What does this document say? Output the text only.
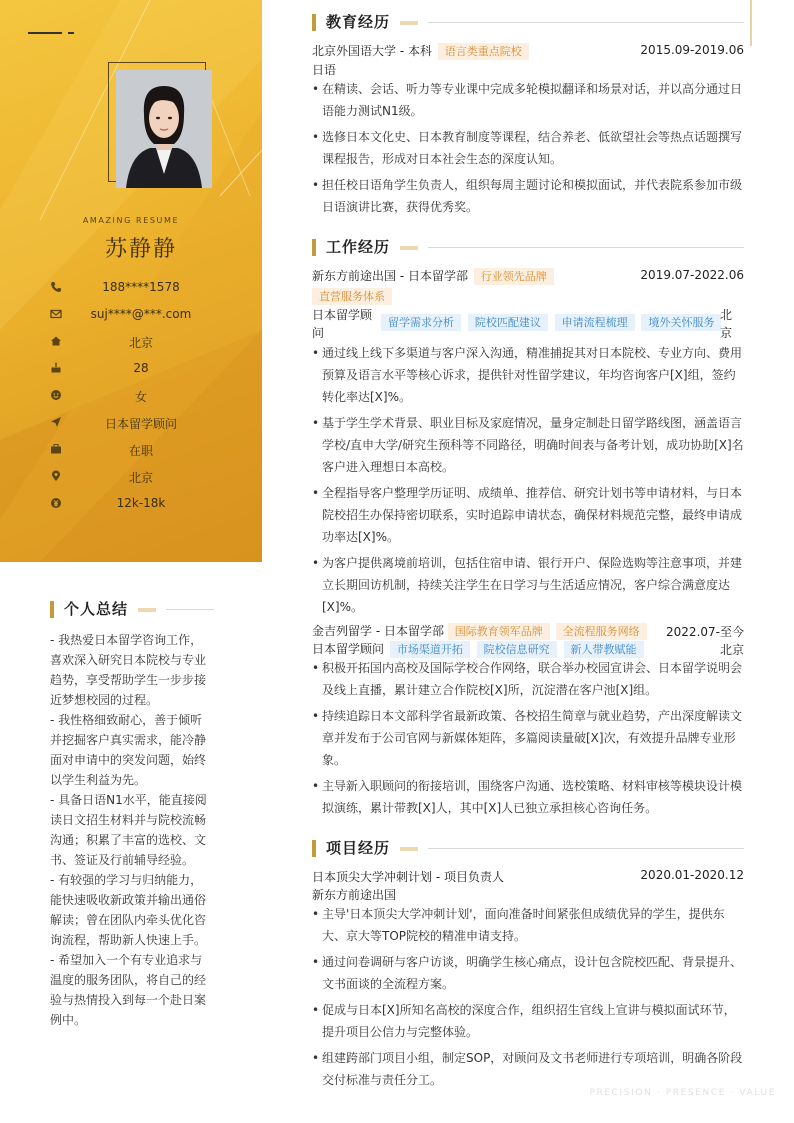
AMAZING RESUME
苏静静
188****1578
suj****@***.com
北京
28
女
日本留学顾问
在职
北京
12k-18k
个人总结
- 我热爱日本留学咨询工作，喜欢深入研究日本院校与专业趋势，享受帮助学生一步步接近梦想校园的过程。
- 我性格细致耐心，善于倾听并挖掘客户真实需求，能冷静面对申请中的突发问题，始终以学生利益为先。
- 具备日语N1水平，能直接阅读日文招生材料并与院校流畅沟通；积累了丰富的选校、文书、签证及行前辅导经验。
- 有较强的学习与归纳能力，能快速吸收新政策并输出通俗解读；曾在团队内牵头优化咨询流程，帮助新人快速上手。
- 希望加入一个有专业追求与温度的服务团队，将自己的经验与热情投入到每一个赴日案例中。
教育经历
北京外国语大学 - 本科 语言类重点院校	2015.09-2019.06
日语
• 在精读、会话、听力等专业课中完成多轮模拟翻译和场景对话，并以高分通过日语能力测试N1级。
• 选修日本文化史、日本教育制度等课程，结合养老、低欲望社会等热点话题撰写课程报告，形成对日本社会生态的深度认知。
• 担任校日语角学生负责人，组织每周主题讨论和模拟面试，并代表院系参加市级日语演讲比赛，获得优秀奖。
工作经历
新东方前途出国 - 日本留学部 行业领先品牌	2019.07-2022.06
直营服务体系
日本留学顾问
留学需求分析 院校匹配建议 申请流程梳理 境外关怀服务
北京
• 通过线上线下多渠道与客户深入沟通，精准捕捉其对日本院校、专业方向、费用预算及语言水平等核心诉求，提供针对性留学建议，年均咨询客户[X]组，签约转化率达[X]%。
• 基于学生学术背景、职业目标及家庭情况，量身定制赴日留学路线图，涵盖语言学校/直申大学/研究生预科等不同路径，明确时间表与备考计划，成功协助[X]名客户进入理想日本高校。
• 全程指导客户整理学历证明、成绩单、推荐信、研究计划书等申请材料，与日本院校招生办保持密切联系，实时追踪申请状态，确保材料规范完整，最终申请成功率达[X]%。
• 为客户提供离境前培训，包括住宿申请、银行开户、保险选购等注意事项，并建立长期回访机制，持续关注学生在日学习与生活适应情况，客户综合满意度达[X]%。
金吉列留学 - 日本留学部 国际教育领军品牌 全流程服务网络	2022.07-至今
日本留学顾问 市场渠道开拓 院校信息研究 新人带教赋能	北京
• 积极开拓国内高校及国际学校合作网络，联合举办校园宣讲会、日本留学说明会及线上直播，累计建立合作院校[X]所，沉淀潜在客户池[X]组。
• 持续追踪日本文部科学省最新政策、各校招生简章与就业趋势，产出深度解读文章并发布于公司官网与新媒体矩阵，多篇阅读量破[X]次，有效提升品牌专业形象。
• 主导新入职顾问的衔接培训，围绕客户沟通、选校策略、材料审核等模块设计模拟演练，累计带教[X]人，其中[X]人已独立承担核心咨询任务。
项目经历
日本顶尖大学冲刺计划 - 项目负责人	2020.01-2020.12
新东方前途出国
• 主导'日本顶尖大学冲刺计划'，面向准备时间紧张但成绩优异的学生，提供东大、京大等TOP院校的精准申请支持。
• 通过问卷调研与客户访谈，明确学生核心痛点，设计包含院校匹配、背景提升、文书面谈的全流程方案。
• 促成与日本[X]所知名高校的深度合作，组织招生官线上宣讲与模拟面试环节，提升项目公信力与完整体验。
• 组建跨部门项目小组，制定SOP，对顾问及文书老师进行专项培训，明确各阶段交付标准与责任分工。
PRECISION · PRESENCE · VALUE
